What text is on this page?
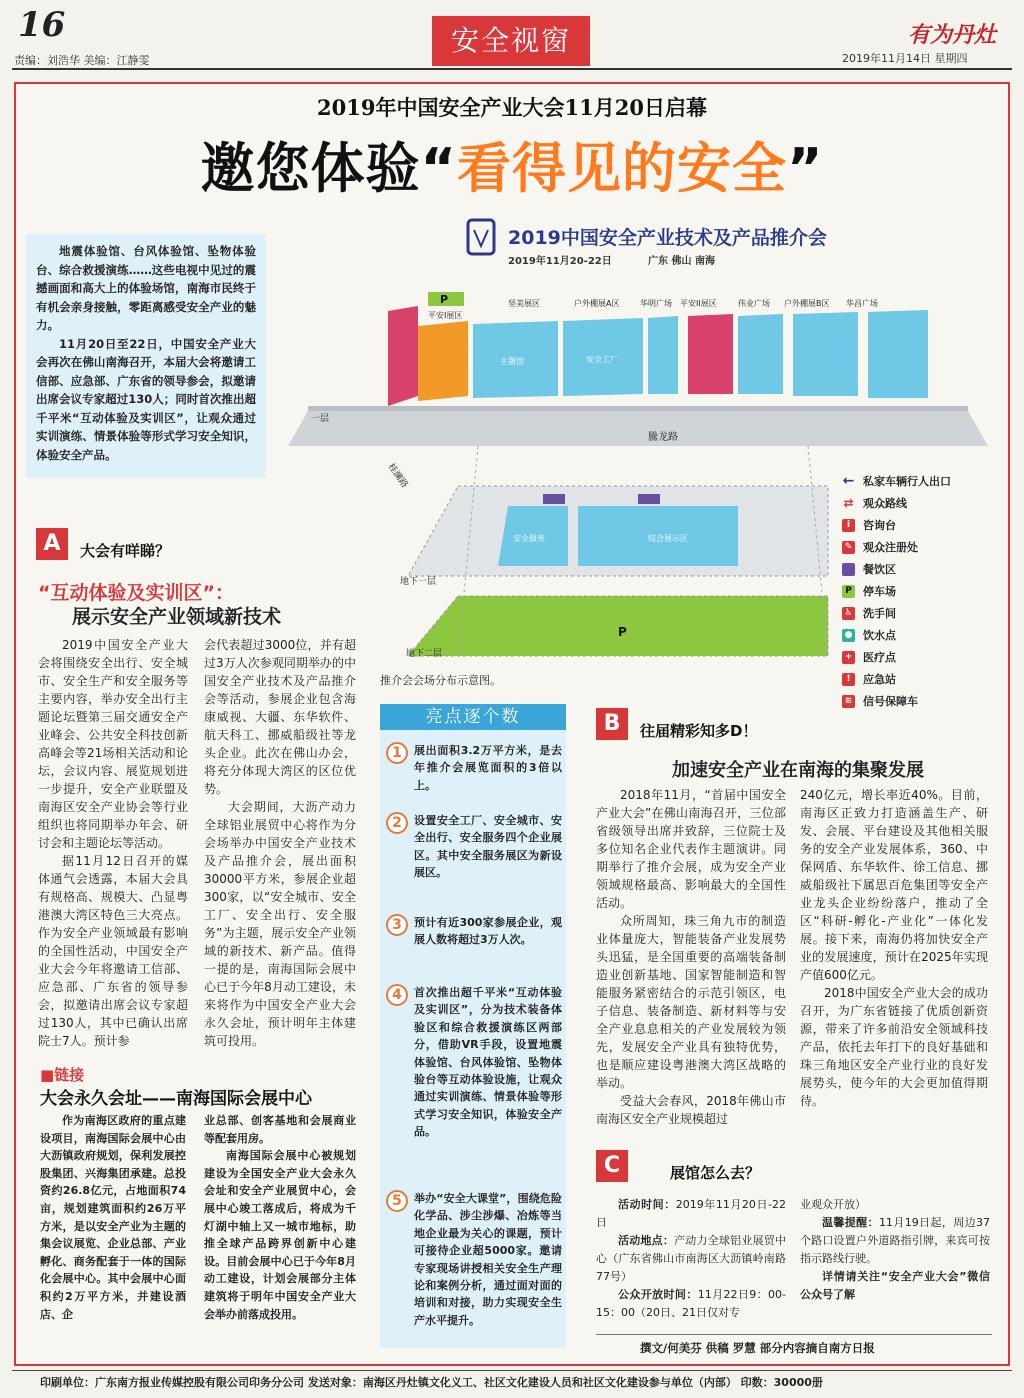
16
责编：刘浩华 美编：江静雯
安全视窗	有为丹灶
2019年11月14日 星期四
2019年中国安全产业大会11月20日启幕
邀您体验“看得见的安全”

地震体验馆、台风体验馆、坠物体验台、综合救援演练……这些电视中见过的震撼画面和高大上的体验场馆，南海市民终于有机会亲身接触，零距离感受安全产业的魅力。

11月20日至22日，中国安全产业大会再次在佛山南海召开，本届大会将邀请工信部、应急部、广东省的领导参会，拟邀请出席会议专家超过130人；同时首次推出超千平米“互动体验及实训区”，让观众通过实训演练、情景体验等形式学习安全知识，体验安全产品。

2019中国安全产业技术及产品推介会
2019年11月20-22日	广东 佛山 南海
P
平安I展区
坚美展区	户外棚展A区	华明广场 平安II展区	伟业广场 户外棚展B区 华昌广场
主题馆	安全工厂
一层
騰龙路
桂澜路
安全服务	综合展示区
地下一层
P
地下二层
推介会会场分布示意图。
← 私家车辆行人出口
⇄ 观众路线
i	咨询台
✎ 观众注册处
餐饮区
P 停车场
♿ 洗手间
● 饮水点
+ 医疗点
!	应急站
≋ 信号保障车
A	大会有咩睇？
“互动体验及实训区”：
展示安全产业领域新技术

2019中国安全产业大会将围绕安全出行、安全城市、安全生产和安全服务等主要内容，举办安全出行主题论坛暨第三届交通安全产业峰会、公共安全科技创新高峰会等21场相关活动和论坛，会议内容、展览规划进一步提升，安全产业联盟及南海区安全产业协会等行业组织也将同期举办年会、研讨会和主题论坛等活动。

据11月12日召开的媒体通气会透露，本届大会具有规格高、规模大、凸显粤港澳大湾区特色三大亮点。作为安全产业领域最有影响的全国性活动，中国安全产业大会今年将邀请工信部、应急部、广东省的领导参会，拟邀请出席会议专家超过130人，其中已确认出席院士7人。预计参

会代表超过3000位，并有超过3万人次参观同期举办的中国安全产业技术及产品推介会等活动，参展企业包含海康威视、大疆、东华软件、航天科工、挪威船级社等龙头企业。此次在佛山办会，将充分体现大湾区的区位优势。

大会期间，大沥产动力全球铝业展贸中心将作为分会场举办中国安全产业技术及产品推介会，展出面积30000平方米，参展企业超300家，以“安全城市、安全工厂、安全出行、安全服务”为主题，展示安全产业领域的新技术、新产品。值得一提的是，南海国际会展中心已于今年8月动工建设，未来将作为中国安全产业大会永久会址，预计明年主体建筑可投用。

■链接
大会永久会址——南海国际会展中心

作为南海区政府的重点建设项目，南海国际会展中心由大沥镇政府规划，保利发展控股集团、兴海集团承建。总投资约26.8亿元，占地面积74亩，规划建筑面积约26万平方米，是以安全产业为主题的集会议展览、企业总部、产业孵化、商务配套于一体的国际化会展中心。其中会展中心面积约2万平方米，并建设酒店、企

业总部、创客基地和会展商业等配套用房。

南海国际会展中心被规划建设为全国安全产业大会永久会址和安全产业展贸中心，会展中心竣工落成后，将成为千灯湖中轴上又一城市地标，助推全球产品跨界创新中心建设。目前会展中心已于今年8月动工建设，计划会展部分主体建筑将于明年中国安全产业大会举办前落成投用。

亮点逐个数
1	展出面积3.2万平方米，是去年推介会展览面积的3倍以上。
2	设置安全工厂、安全城市、安全出行、安全服务四个企业展区。其中安全服务展区为新设展区。
3	预计有近300家参展企业，观展人数将超过3万人次。
4	首次推出超千平米“互动体验及实训区”，分为技术装备体验区和综合救援演练区两部分，借助VR手段，设置地震体验馆、台风体验馆、坠物体验台等互动体验设施，让观众通过实训演练、情景体验等形式学习安全知识，体验安全产品。
5	举办“安全大课堂”，围绕危险化学品、涉尘涉爆、冶炼等当地企业最为关心的课题，预计可接待企业超5000家。邀请专家现场讲授相关安全生产理论和案例分析，通过面对面的培训和对接，助力实现安全生产水平提升。
B	往届精彩知多D！
加速安全产业在南海的集聚发展

2018年11月，“首届中国安全产业大会”在佛山南海召开，三位部省级领导出席并致辞，三位院士及多位知名企业代表作主题演讲。同期举行了推介会展，成为安全产业领域规格最高、影响最大的全国性活动。

众所周知，珠三角九市的制造业体量庞大，智能装备产业发展势头迅猛，是全国重要的高端装备制造业创新基地、国家智能制造和智能服务紧密结合的示范引领区，电子信息、装备制造、新材料等与安全产业息息相关的产业发展较为领先，发展安全产业具有独特优势，也是顺应建设粤港澳大湾区战略的举动。

受益大会春风，2018年佛山市南海区安全产业规模超过

240亿元，增长率近40%。目前，南海区正致力打造涵盖生产、研发、会展、平台建设及其他相关服务的安全产业发展体系，360、中保网盾、东华软件、徐工信息、挪威船级社下属思百危集团等安全产业龙头企业纷纷落户，推动了全区“科研-孵化-产业化”一体化发展。接下来，南海仍将加快安全产业的发展速度，预计在2025年实现产值600亿元。

2018中国安全产业大会的成功召开，为广东省链接了优质创新资源，带来了许多前沿安全领域科技产品，依托去年打下的良好基础和珠三角地区安全产业行业的良好发展势头，使今年的大会更加值得期待。

C	展馆怎么去？

活动时间：2019年11月20日-22日

活动地点：产动力全球铝业展贸中心（广东省佛山市南海区大沥镇岭南路77号）

公众开放时间：11月22日9：00-15：00（20日、21日仅对专

业观众开放）

温馨提醒：11月19日起，周边37个路口设置户外道路指引牌，来宾可按指示路线行驶。

详情请关注“安全产业大会”微信公众号了解

撰文/何美芬 供稿 罗慧 部分内容摘自南方日报
印刷单位：广东南方报业传媒控股有限公司印务分公司 发送对象：南海区丹灶镇文化义工、社区文化建设人员和社区文化建设参与单位（内部） 印数：30000册
